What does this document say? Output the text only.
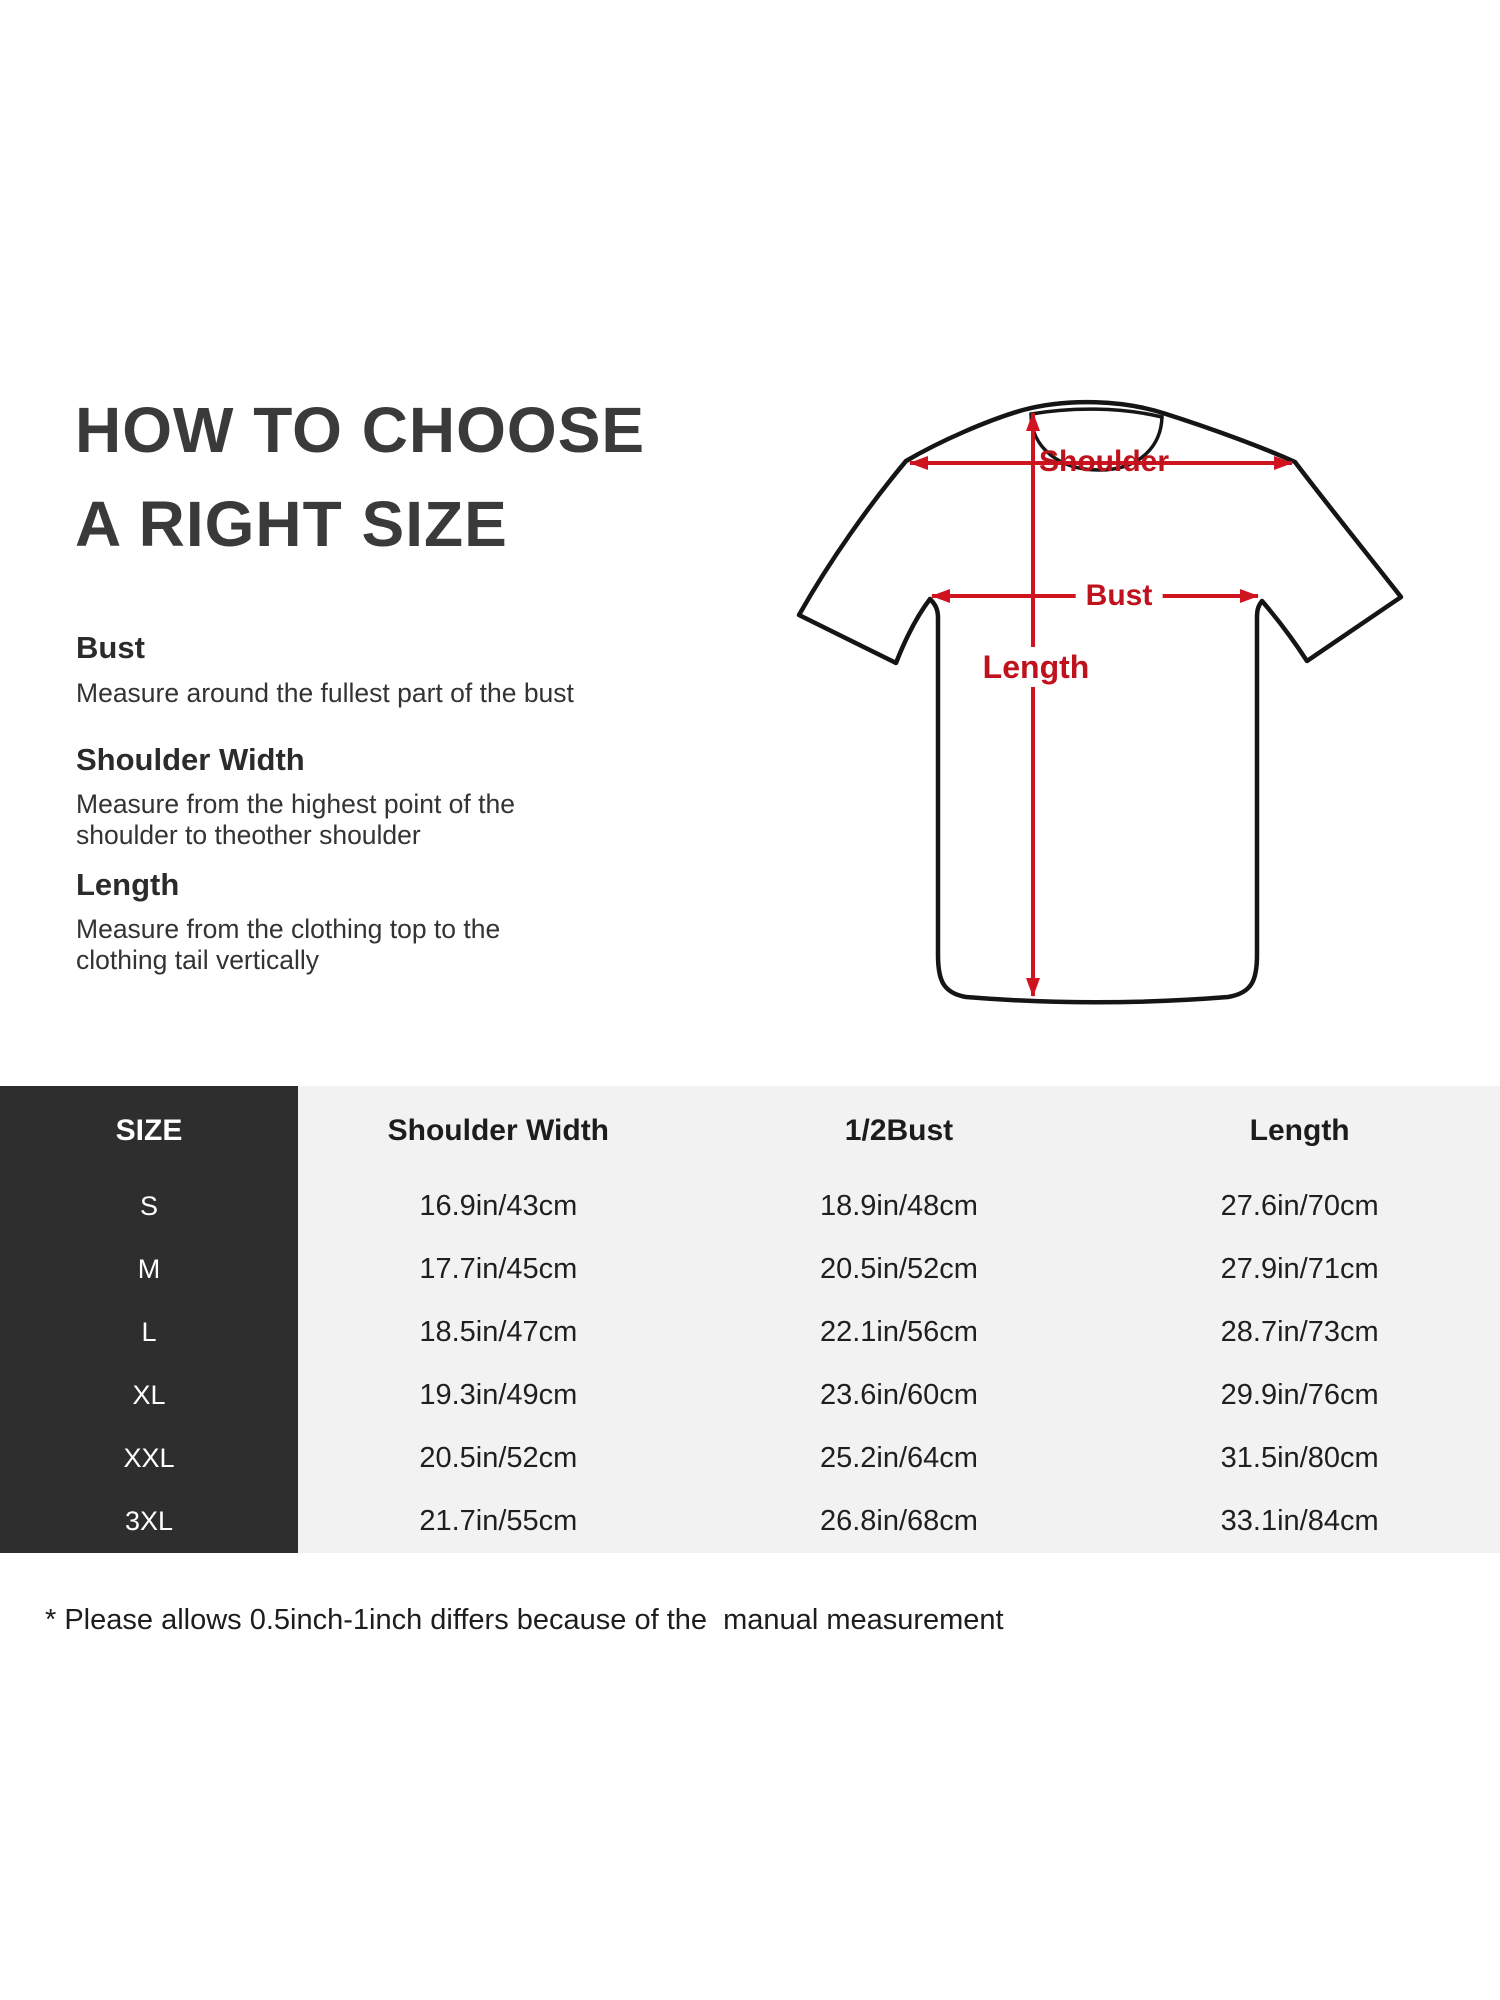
HOW TO CHOOSE
A RIGHT SIZE
Bust
Measure around the fullest part of the bust
Shoulder Width
Measure from the highest point of the
shoulder to theother shoulder
Length
Measure from the clothing top to the
clothing tail vertically
Shoulder
Bust
Length
SIZE	Shoulder Width	1/2Bust	Length
S	16.9in/43cm	18.9in/48cm	27.6in/70cm
M	17.7in/45cm	20.5in/52cm	27.9in/71cm
L	18.5in/47cm	22.1in/56cm	28.7in/73cm
XL	19.3in/49cm	23.6in/60cm	29.9in/76cm
XXL	20.5in/52cm	25.2in/64cm	31.5in/80cm
3XL	21.7in/55cm	26.8in/68cm	33.1in/84cm
* Please allows 0.5inch-1inch differs because of the  manual measurement
